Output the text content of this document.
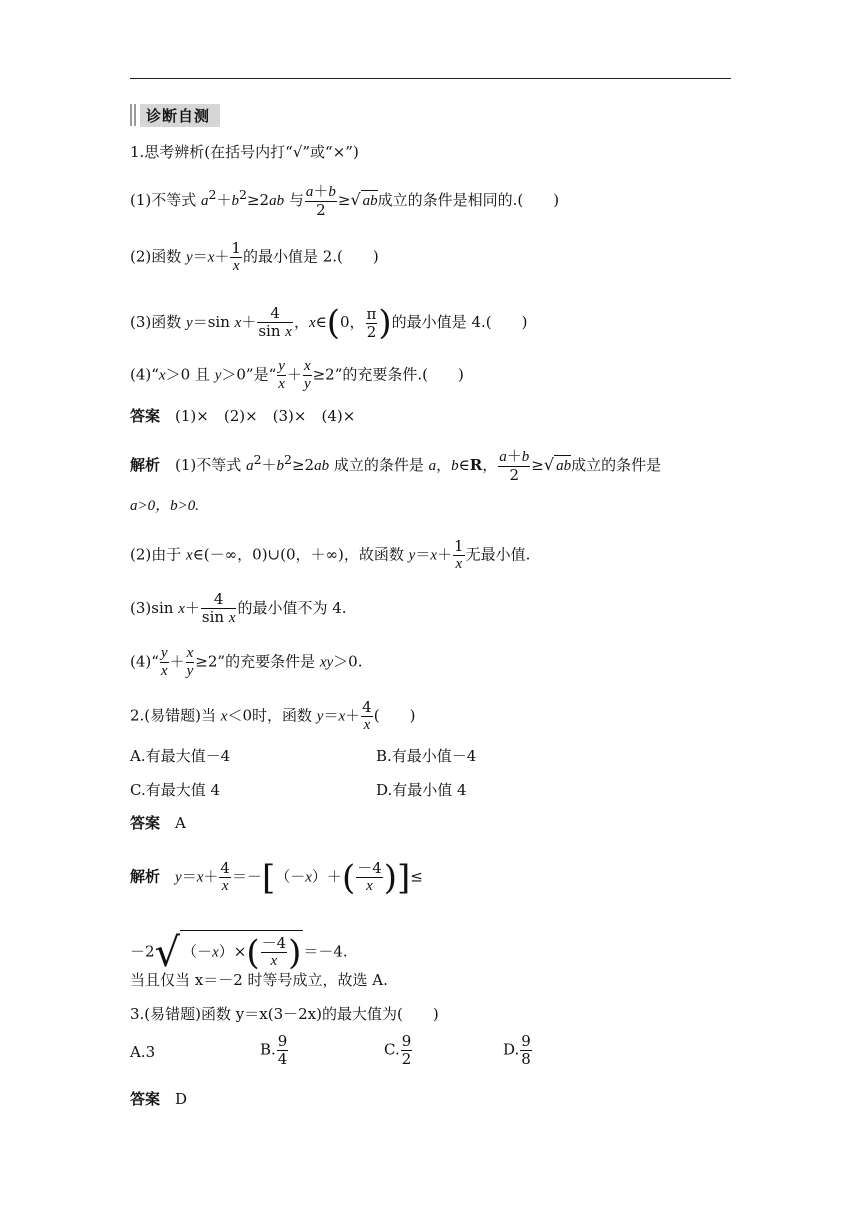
诊断自测
1.思考辨析(在括号内打“√”或“×”)
(1)不等式 $a^2+b^2\ge 2ab$ 与 $\frac{a+b}{2}$ ≥√ ab成立的条件是相同的.(　　)
(2)函数 $y=x+ \frac{1}{x}$ 的最小值是 2.(　　)
(3)函数 y＝sin $x+ \frac{4}{\text{sin x}}$ ，x∈(0， $\frac{\pi}{2}$ )的最小值是 4.(　　)
(4)“x＞0 且 y＞0”是“ $\frac{y}{x} + \frac{x}{y} \ge 2$”的充要条件.(　　)
答案　 (1)×　(2)×　(3)×　(4)×
解析　 (1)不等式 $a^2+b^2\ge 2ab$ 成立的条件是 a，b∈R， $\frac{a+b}{2}$ ≥√ ab成立的条件是
a>0，b>0.
(2)由于 x∈(－∞，0)∪(0，＋∞)，故函数 $y=x+ \frac{1}{x}$ 无最小值.
(3)sin $x+ \frac{4}{\text{sin x}}$ 的最小值不为 4.
(4)“ $\frac{y}{x} + \frac{x}{y} \ge 2$”的充要条件是 xy＞0.
2.(易错题)当 x＜0时，函数 $y=x+ \frac{4}{x}$ (　　)
A.有最大值－4	B.有最小值－4
C.有最大值 4	D.有最小值 4
答案　 A
解析　 $y=x+ \frac{4}{x} =-[(-x)+( \frac{-4}{x}$ )]≤
－2√ $(-x)\times( \frac{-4}{x}$ ) ＝－4.
当且仅当 x＝－2 时等号成立，故选 A.
3.(易错题)函数 y＝x(3－2x)的最大值为(　　)
A.3	B. $\frac{9}{4}$	C. $\frac{9}{2}$	D. $\frac{9}{8}$
答案　 D
